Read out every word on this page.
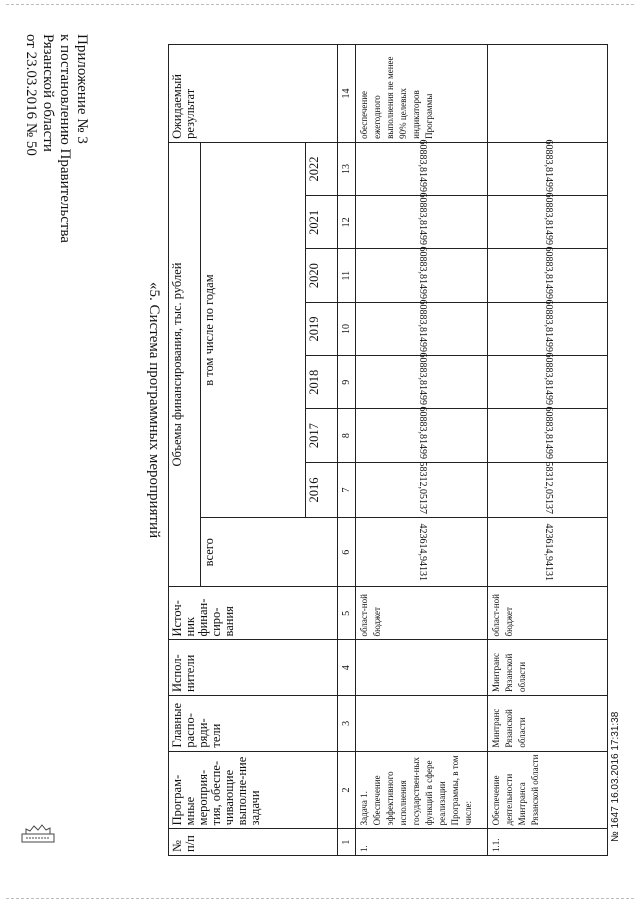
Приложение № 3
к постановлению Правительства
Рязанской области
от 23.03.2016 № 50
«5. Система программных мероприятий
№ п/п	Програм-мные мероприя-тия, обеспе-чивающие выполне-ние задачи	Главные распо-ряди-тели	Испол-нители	Источ-ник финан-сиро-вания	Объемы финансирования, тыс. рублей								Ожидаемый результат
					всего	в том числе по годам							
						2016	2017	2018	2019	2020	2021	2022	
1	2	3	4	5	6	7	8	9	10	11	12	13	14
1.	Задача 1. Обеспечение эффективного исполнения государствен-ных функций в сфере реализации Программы, в том числе:			област-ной бюджет	423614,94131	58312,05137	60883,81499	60883,81499	60883,81499	60883,81499	60883,81499	60883,81499	обеспечение ежегодного выполнения не менее 90% целевых индикаторов Программы
1.1.	Обеспечение деятельности Минтранса Рязанской области	Минтранс Рязанской области	Минтранс Рязанской области	област-ной бюджет	423614,94131	58312,05137	60883,81499	60883,81499	60883,81499	60883,81499	60883,81499	60883,81499	
№ 1647 16.03.2016 17:31:38
